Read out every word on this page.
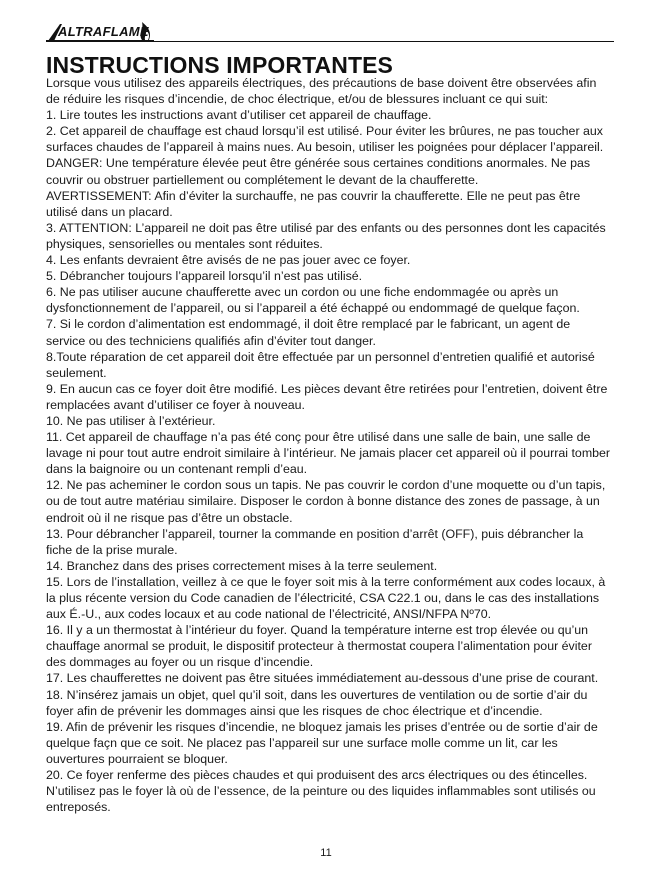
ALTRAFLAME
INSTRUCTIONS IMPORTANTES

Lorsque vous utilisez des appareils électriques, des précautions de base doivent être observées afin de réduire les risques d’incendie, de choc électrique, et/ou de blessures incluant ce qui suit:

1. Lire toutes les instructions avant d’utiliser cet appareil de chauffage.

2. Cet appareil de chauffage est chaud lorsqu’il est utilisé. Pour éviter les brûures, ne pas toucher aux surfaces chaudes de l’appareil à mains nues. Au besoin, utiliser les poignées pour déplacer l’appareil.

DANGER: Une température élevée peut être générée sous certaines conditions anormales. Ne pas couvrir ou obstruer partiellement ou complétement le devant de la chaufferette.

AVERTISSEMENT: Afin d’éviter la surchauffe, ne pas couvrir la chaufferette. Elle ne peut pas être utilisé dans un placard.

3. ATTENTION: L’appareil ne doit pas être utilisé par des enfants ou des personnes dont les capacités physiques, sensorielles ou mentales sont réduites.

4. Les enfants devraient être avisés de ne pas jouer avec ce foyer.

5. Débrancher toujours l’appareil lorsqu’il n’est pas utilisé.

6. Ne pas utiliser aucune chaufferette avec un cordon ou une fiche endommagée ou après un dysfonctionnement de l’appareil, ou si l’appareil a été échappé ou endommagé de quelque façon.

7. Si le cordon d’alimentation est endommagé, il doit être remplacé par le fabricant, un agent de service ou des techniciens qualifiés afin d’éviter tout danger.

8.Toute réparation de cet appareil doit être effectuée par un personnel d’entretien qualifié et autorisé seulement.

9. En aucun cas ce foyer doit être modifié. Les pièces devant être retirées pour l’entretien, doivent être remplacées avant d’utiliser ce foyer à nouveau.

10. Ne pas utiliser à l’extérieur.

11. Cet appareil de chauffage n’a pas été conç pour être utilisé dans une salle de bain, une salle de lavage ni pour tout autre endroit similaire à l’intérieur. Ne jamais placer cet appareil où il pourrai tomber dans la baignoire ou un contenant rempli d’eau.

12. Ne pas acheminer le cordon sous un tapis. Ne pas couvrir le cordon d’une moquette ou d’un tapis, ou de tout autre matériau similaire. Disposer le cordon à bonne distance des zones de passage, à un endroit où il ne risque pas d’être un obstacle.

13. Pour débrancher l’appareil, tourner la commande en position d’arrêt (OFF), puis débrancher la fiche de la prise murale.

14. Branchez dans des prises correctement mises à la terre seulement.

15. Lors de l’installation, veillez à ce que le foyer soit mis à la terre conformément aux codes locaux, à la plus récente version du Code canadien de l’électricité, CSA C22.1 ou, dans le cas des installations aux É.-U., aux codes locaux et au code national de l’électricité, ANSI/NFPA Nº70.

16. Il y a un thermostat à l’intérieur du foyer. Quand la température interne est trop élevée ou qu’un chauffage anormal se produit, le dispositif protecteur à thermostat coupera l’alimentation pour éviter des dommages au foyer ou un risque d’incendie.

17. Les chaufferettes ne doivent pas être situées immédiatement au-dessous d’une prise de courant.

18. N’insérez jamais un objet, quel qu’il soit, dans les ouvertures de ventilation ou de sortie d’air du foyer afin de prévenir les dommages ainsi que les risques de choc électrique et d’incendie.

19. Afin de prévenir les risques d’incendie, ne bloquez jamais les prises d’entrée ou de sortie d’air de quelque façn que ce soit. Ne placez pas l’appareil sur une surface molle comme un lit, car les ouvertures pourraient se bloquer.

20. Ce foyer renferme des pièces chaudes et qui produisent des arcs électriques ou des étincelles. N’utilisez pas le foyer là où de l’essence, de la peinture ou des liquides inflammables sont utilisés ou entreposés.

11
